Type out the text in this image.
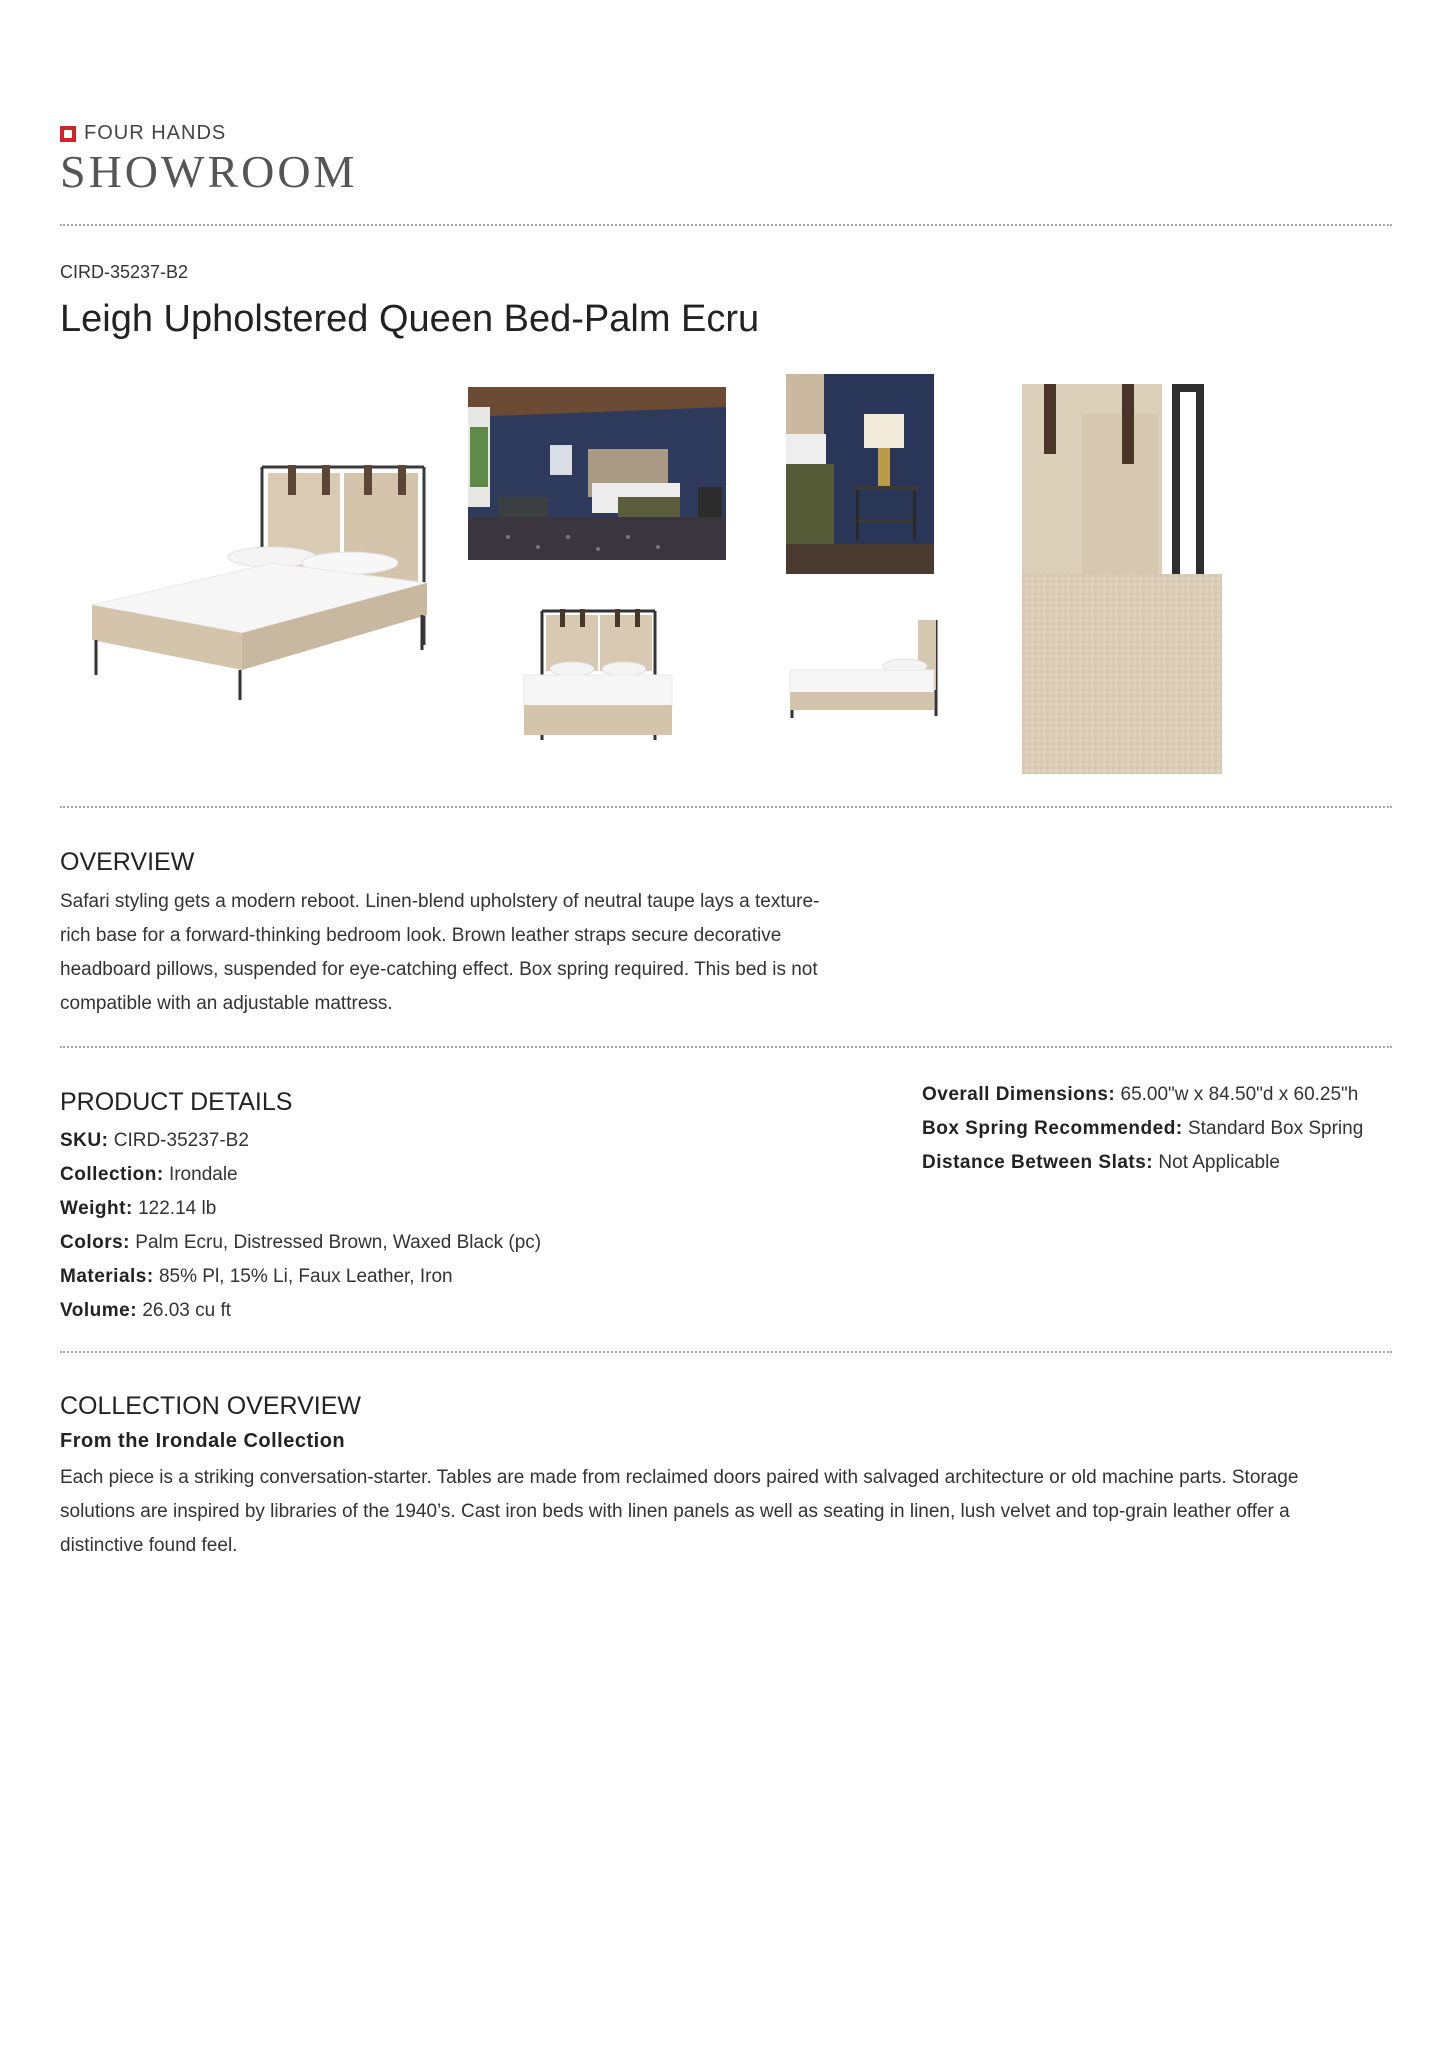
FOUR HANDS
SHOWROOM
CIRD-35237-B2
Leigh Upholstered Queen Bed-Palm Ecru
OVERVIEW
Safari styling gets a modern reboot. Linen-blend upholstery of neutral taupe lays a texture-
rich base for a forward-thinking bedroom look. Brown leather straps secure decorative
headboard pillows, suspended for eye-catching effect. Box spring required. This bed is not
compatible with an adjustable mattress.
PRODUCT DETAILS
SKU: CIRD-35237-B2
Collection: Irondale
Weight: 122.14 lb
Colors: Palm Ecru, Distressed Brown, Waxed Black (pc)
Materials: 85% Pl, 15% Li, Faux Leather, Iron
Volume: 26.03 cu ft
Overall Dimensions: 65.00"w x 84.50"d x 60.25"h
Box Spring Recommended: Standard Box Spring
Distance Between Slats: Not Applicable
COLLECTION OVERVIEW
From the Irondale Collection
Each piece is a striking conversation-starter. Tables are made from reclaimed doors paired with salvaged architecture or old machine parts. Storage
solutions are inspired by libraries of the 1940’s. Cast iron beds with linen panels as well as seating in linen, lush velvet and top-grain leather offer a
distinctive found feel.
